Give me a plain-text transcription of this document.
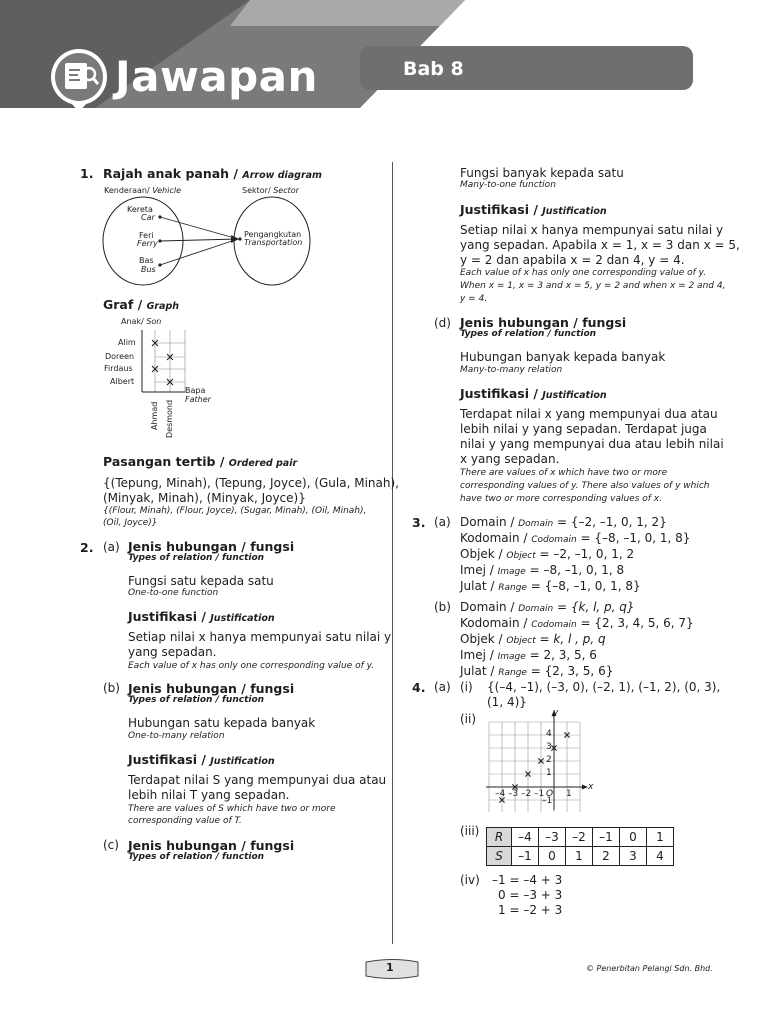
Jawapan	Bab 8
1. Rajah anak panah / Arrow diagram
Kenderaan/ Vehicle	Sektor/ Sector
Kereta
Car
Feri
Ferry
Bas
Bus
Pengangkutan
Transportation
Graf / Graph
Anak/ Son
Alim
Doreen
Firdaus
Albert
Bapa
Father
Ahmad Desmond
Pasangan tertib / Ordered pair
{(Tepung, Minah), (Tepung, Joyce), (Gula, Minah),
(Minyak, Minah), (Minyak, Joyce)}
{(Flour, Minah), (Flour, Joyce), (Sugar, Minah), (Oil, Minah),
(Oil, Joyce)}
2. (a) Jenis hubungan / fungsi
Types of relation / function
Fungsi satu kepada satu
One-to-one function
Justifikasi / Justification
Setiap nilai x hanya mempunyai satu nilai y
yang sepadan.
Each value of x has only one corresponding value of y.
(b) Jenis hubungan / fungsi
Types of relation / function
Hubungan satu kepada banyak
One-to-many relation
Justifikasi / Justification
Terdapat nilai S yang mempunyai dua atau
lebih nilai T yang sepadan.
There are values of S which have two or more
corresponding value of T.
(c) Jenis hubungan / fungsi
Types of relation / function
Fungsi banyak kepada satu
Many-to-one function
Justifikasi / Justification
Setiap nilai x hanya mempunyai satu nilai y
yang sepadan. Apabila x = 1, x = 3 dan x = 5,
y = 2 dan apabila x = 2 dan 4, y = 4.
Each value of x has only one corresponding value of y.
When x = 1, x = 3 and x = 5, y = 2 and when x = 2 and 4,
y = 4.
(d) Jenis hubungan / fungsi
Types of relation / function
Hubungan banyak kepada banyak
Many-to-many relation
Justifikasi / Justification
Terdapat nilai x yang mempunyai dua atau
lebih nilai y yang sepadan. Terdapat juga
nilai y yang mempunyai dua atau lebih nilai
x yang sepadan.
There are values of x which have two or more
corresponding values of y. There also values of y which
have two or more corresponding values of x.
3. (a) Domain / Domain = {–2, –1, 0, 1, 2}
Kodomain / Codomain = {–8, –1, 0, 1, 8}
Objek / Object = –2, –1, 0, 1, 2
Imej / Image = –8, –1, 0, 1, 8
Julat / Range = {–8, –1, 0, 1, 8}
(b) Domain / Domain = {k, l, p, q}
Kodomain / Codomain = {2, 3, 4, 5, 6, 7}
Objek / Object = k, l , p, q
Imej / Image = 2, 3, 5, 6
Julat / Range = {2, 3, 5, 6}
4. (a) (i) {(–4, –1), (–3, 0), (–2, 1), (–1, 2), (0, 3),
(1, 4)}
(ii)
x
y
4
3
2
1
–1
–4 –3 –2 –1 O 1
(iii) R	–4	–3	–2	–1	0	1
S	–1	0	1	2	3	4
(iv) –1 = –4 + 3
0 = –3 + 3
1 = –2 + 3
1	© Penerbitan Pelangi Sdn. Bhd.
